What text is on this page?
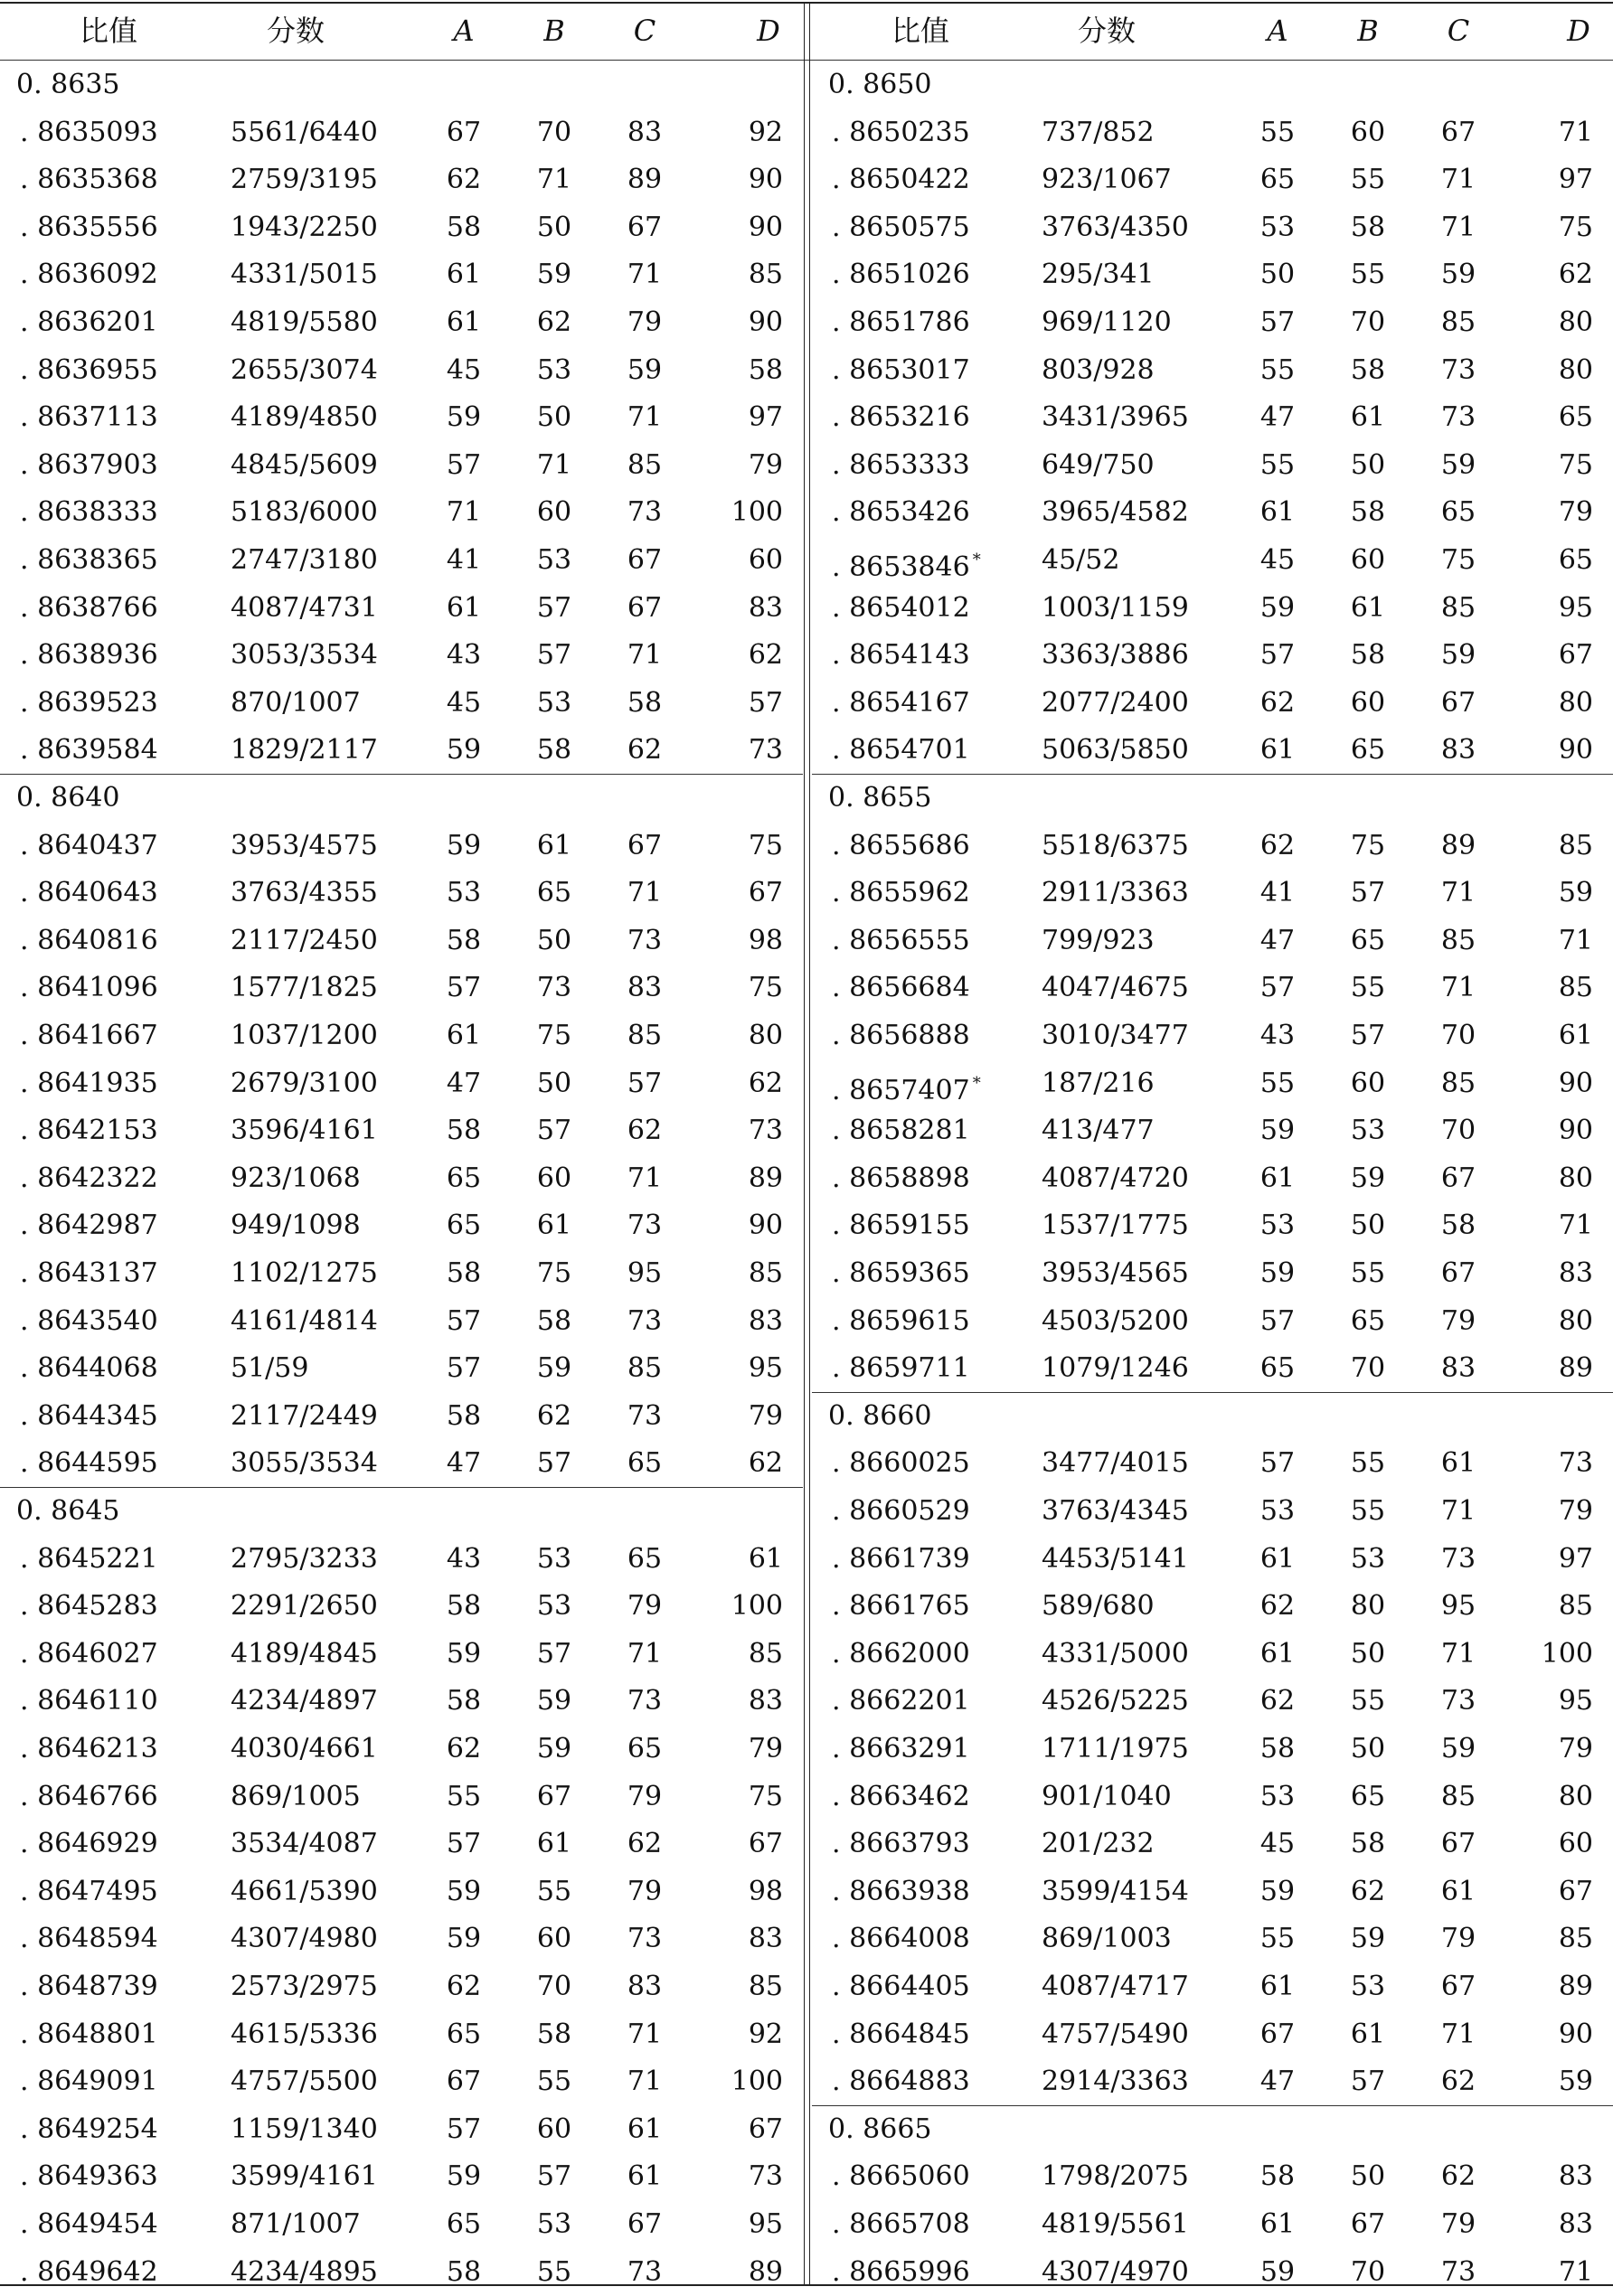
比值	分数	A	B	C	D	比值	分数	A	B	C	D
0. 8635
. 8635093	5561/6440	67	70	83	92
. 8635368	2759/3195	62	71	89	90
. 8635556	1943/2250	58	50	67	90
. 8636092	4331/5015	61	59	71	85
. 8636201	4819/5580	61	62	79	90
. 8636955	2655/3074	45	53	59	58
. 8637113	4189/4850	59	50	71	97
. 8637903	4845/5609	57	71	85	79
. 8638333	5183/6000	71	60	73	100
. 8638365	2747/3180	41	53	67	60
. 8638766	4087/4731	61	57	67	83
. 8638936	3053/3534	43	57	71	62
. 8639523	870/1007	45	53	58	57
. 8639584	1829/2117	59	58	62	73
0. 8640
. 8640437	3953/4575	59	61	67	75
. 8640643	3763/4355	53	65	71	67
. 8640816	2117/2450	58	50	73	98
. 8641096	1577/1825	57	73	83	75
. 8641667	1037/1200	61	75	85	80
. 8641935	2679/3100	47	50	57	62
. 8642153	3596/4161	58	57	62	73
. 8642322	923/1068	65	60	71	89
. 8642987	949/1098	65	61	73	90
. 8643137	1102/1275	58	75	95	85
. 8643540	4161/4814	57	58	73	83
. 8644068	51/59	57	59	85	95
. 8644345	2117/2449	58	62	73	79
. 8644595	3055/3534	47	57	65	62
0. 8645
. 8645221	2795/3233	43	53	65	61
. 8645283	2291/2650	58	53	79	100
. 8646027	4189/4845	59	57	71	85
. 8646110	4234/4897	58	59	73	83
. 8646213	4030/4661	62	59	65	79
. 8646766	869/1005	55	67	79	75
. 8646929	3534/4087	57	61	62	67
. 8647495	4661/5390	59	55	79	98
. 8648594	4307/4980	59	60	73	83
. 8648739	2573/2975	62	70	83	85
. 8648801	4615/5336	65	58	71	92
. 8649091	4757/5500	67	55	71	100
. 8649254	1159/1340	57	60	61	67
. 8649363	3599/4161	59	57	61	73
. 8649454	871/1007	65	53	67	95
. 8649642	4234/4895	58	55	73	89
0. 8650
. 8650235	737/852	55	60	67	71
. 8650422	923/1067	65	55	71	97
. 8650575	3763/4350	53	58	71	75
. 8651026	295/341	50	55	59	62
. 8651786	969/1120	57	70	85	80
. 8653017	803/928	55	58	73	80
. 8653216	3431/3965	47	61	73	65
. 8653333	649/750	55	50	59	75
. 8653426	3965/4582	61	58	65	79
. 8653846 * 45/52	45	60	75	65
. 8654012	1003/1159	59	61	85	95
. 8654143	3363/3886	57	58	59	67
. 8654167	2077/2400	62	60	67	80
. 8654701	5063/5850	61	65	83	90
0. 8655
. 8655686	5518/6375	62	75	89	85
. 8655962	2911/3363	41	57	71	59
. 8656555	799/923	47	65	85	71
. 8656684	4047/4675	57	55	71	85
. 8656888	3010/3477	43	57	70	61
. 8657407 * 187/216	55	60	85	90
. 8658281	413/477	59	53	70	90
. 8658898	4087/4720	61	59	67	80
. 8659155	1537/1775	53	50	58	71
. 8659365	3953/4565	59	55	67	83
. 8659615	4503/5200	57	65	79	80
. 8659711	1079/1246	65	70	83	89
0. 8660
. 8660025	3477/4015	57	55	61	73
. 8660529	3763/4345	53	55	71	79
. 8661739	4453/5141	61	53	73	97
. 8661765	589/680	62	80	95	85
. 8662000	4331/5000	61	50	71	100
. 8662201	4526/5225	62	55	73	95
. 8663291	1711/1975	58	50	59	79
. 8663462	901/1040	53	65	85	80
. 8663793	201/232	45	58	67	60
. 8663938	3599/4154	59	62	61	67
. 8664008	869/1003	55	59	79	85
. 8664405	4087/4717	61	53	67	89
. 8664845	4757/5490	67	61	71	90
. 8664883	2914/3363	47	57	62	59
0. 8665
. 8665060	1798/2075	58	50	62	83
. 8665708	4819/5561	61	67	79	83
. 8665996	4307/4970	59	70	73	71
